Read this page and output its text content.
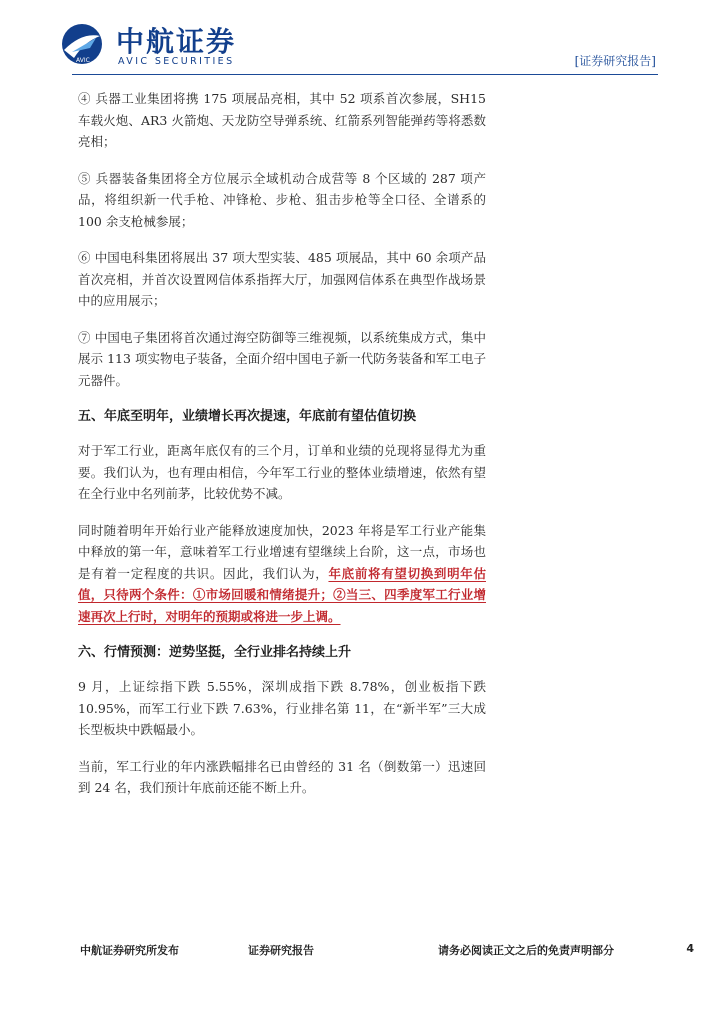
AVIC
中航证券
AVIC SECURITIES	[证券研究报告]

④ 兵器工业集团将携 175 项展品亮相，其中 52 项系首次参展，SH15 车载火炮、AR3 火箭炮、天龙防空导弹系统、红箭系列智能弹药等将悉数亮相；

⑤ 兵器装备集团将全方位展示全域机动合成营等 8 个区域的 287 项产品，将组织新一代手枪、冲锋枪、步枪、狙击步枪等全口径、全谱系的 100 余支枪械参展；

⑥ 中国电科集团将展出 37 项大型实装、485 项展品，其中 60 余项产品首次亮相，并首次设置网信体系指挥大厅，加强网信体系在典型作战场景中的应用展示；

⑦ 中国电子集团将首次通过海空防御等三维视频，以系统集成方式，集中展示 113 项实物电子装备，全面介绍中国电子新一代防务装备和军工电子元器件。

五、年底至明年，业绩增长再次提速，年底前有望估值切换

对于军工行业，距离年底仅有的三个月，订单和业绩的兑现将显得尤为重要。我们认为，也有理由相信，今年军工行业的整体业绩增速，依然有望在全行业中名列前茅，比较优势不减。

同时随着明年开始行业产能释放速度加快，2023 年将是军工行业产能集中释放的第一年，意味着军工行业增速有望继续上台阶，这一点，市场也是有着一定程度的共识。因此，我们认为，年底前将有望切换到明年估值，只待两个条件：①市场回暖和情绪提升；②当三、四季度军工行业增速再次上行时，对明年的预期或将进一步上调。

六、行情预测：逆势坚挺，全行业排名持续上升

9 月，上证综指下跌 5.55%，深圳成指下跌 8.78%，创业板指下跌 10.95%，而军工行业下跌 7.63%，行业排名第 11，在“新半军”三大成长型板块中跌幅最小。

当前，军工行业的年内涨跌幅排名已由曾经的 31 名（倒数第一）迅速回到 24 名，我们预计年底前还能不断上升。

中航证券研究所发布	证券研究报告	请务必阅读正文之后的免责声明部分	4
